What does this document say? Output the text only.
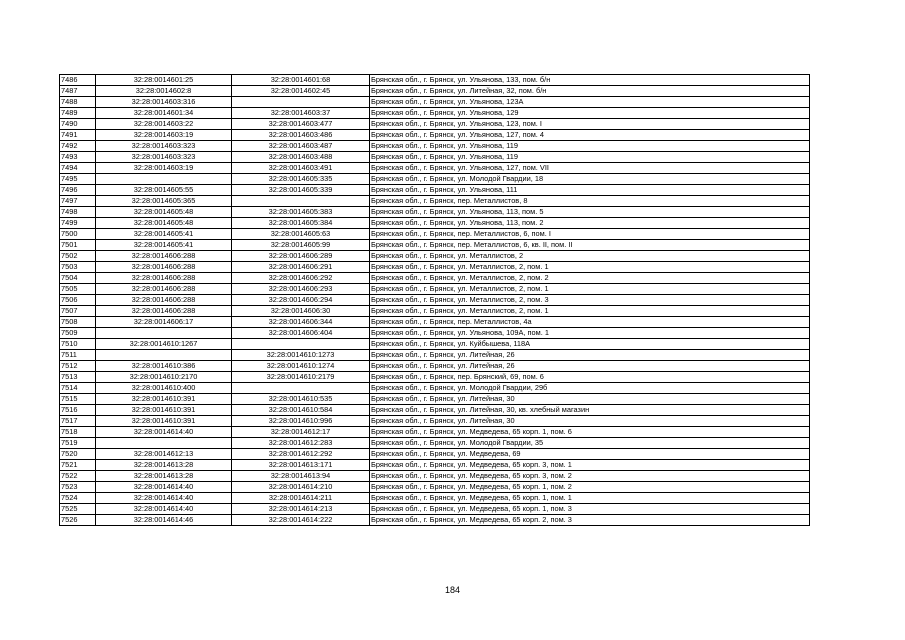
7486	32:28:0014601:25	32:28:0014601:68	Брянская обл., г. Брянск, ул. Ульянова, 133, пом. б/н
7487	32:28:0014602:8	32:28:0014602:45	Брянская обл., г. Брянск, ул. Литейная, 32, пом. б/н
7488	32:28:0014603:316		Брянская обл., г. Брянск, ул. Ульянова, 123А
7489	32:28:0014601:34	32:28:0014603:37	Брянская обл., г. Брянск, ул. Ульянова, 129
7490	32:28:0014603:22	32:28:0014603:477	Брянская обл., г. Брянск, ул. Ульянова, 123, пом. I
7491	32:28:0014603:19	32:28:0014603:486	Брянская обл., г. Брянск, ул. Ульянова, 127, пом. 4
7492	32:28:0014603:323	32:28:0014603:487	Брянская обл., г. Брянск, ул. Ульянова, 119
7493	32:28:0014603:323	32:28:0014603:488	Брянская обл., г. Брянск, ул. Ульянова, 119
7494	32:28:0014603:19	32:28:0014603:491	Брянская обл., г. Брянск, ул. Ульянова, 127, пом. VII
7495		32:28:0014605:335	Брянская обл., г. Брянск, ул. Молодой Гвардии, 18
7496	32:28:0014605:55	32:28:0014605:339	Брянская обл., г. Брянск, ул. Ульянова, 111
7497	32:28:0014605:365		Брянская обл., г. Брянск, пер. Металлистов, 8
7498	32:28:0014605:48	32:28:0014605:383	Брянская обл., г. Брянск, ул. Ульянова, 113, пом. 5
7499	32:28:0014605:48	32:28:0014605:384	Брянская обл., г. Брянск, ул. Ульянова, 113, пом. 2
7500	32:28:0014605:41	32:28:0014605:63	Брянская обл., г. Брянск, пер. Металлистов, 6, пом. I
7501	32:28:0014605:41	32:28:0014605:99	Брянская обл., г. Брянск, пер. Металлистов, 6, кв. II, пом. II
7502	32:28:0014606:288	32:28:0014606:289	Брянская обл., г. Брянск, ул. Металлистов, 2
7503	32:28:0014606:288	32:28:0014606:291	Брянская обл., г. Брянск, ул. Металлистов, 2, пом. 1
7504	32:28:0014606:288	32:28:0014606:292	Брянская обл., г. Брянск, ул. Металлистов, 2, пом. 2
7505	32:28:0014606:288	32:28:0014606:293	Брянская обл., г. Брянск, ул. Металлистов, 2, пом. 1
7506	32:28:0014606:288	32:28:0014606:294	Брянская обл., г. Брянск, ул. Металлистов, 2, пом. 3
7507	32:28:0014606:288	32:28:0014606:30	Брянская обл., г. Брянск, ул. Металлистов, 2, пом. 1
7508	32:28:0014606:17	32:28:0014606:344	Брянская обл., г. Брянск, пер. Металлистов, 4а
7509		32:28:0014606:404	Брянская обл., г. Брянск, ул. Ульянова, 109А, пом. 1
7510	32:28:0014610:1267		Брянская обл., г. Брянск, ул. Куйбышева, 118А
7511		32:28:0014610:1273	Брянская обл., г. Брянск, ул. Литейная, 26
7512	32:28:0014610:386	32:28:0014610:1274	Брянская обл., г. Брянск, ул. Литейная, 26
7513	32:28:0014610:2170	32:28:0014610:2179	Брянская обл., г. Брянск, пер. Брянский, 69, пом. 6
7514	32:28:0014610:400		Брянская обл., г. Брянск, ул. Молодой Гвардии, 29б
7515	32:28:0014610:391	32:28:0014610:535	Брянская обл., г. Брянск, ул. Литейная, 30
7516	32:28:0014610:391	32:28:0014610:584	Брянская обл., г. Брянск, ул. Литейная, 30, кв. хлебный магазин
7517	32:28:0014610:391	32:28:0014610:996	Брянская обл., г. Брянск, ул. Литейная, 30
7518	32:28:0014614:40	32:28:0014612:17	Брянская обл., г. Брянск, ул. Медведева, 65 корп. 1, пом. 6
7519		32:28:0014612:283	Брянская обл., г. Брянск, ул. Молодой Гвардии, 35
7520	32:28:0014612:13	32:28:0014612:292	Брянская обл., г. Брянск, ул. Медведева, 69
7521	32:28:0014613:28	32:28:0014613:171	Брянская обл., г. Брянск, ул. Медведева, 65 корп. 3, пом. 1
7522	32:28:0014613:28	32:28:0014613:94	Брянская обл., г. Брянск, ул. Медведева, 65 корп. 3, пом. 2
7523	32:28:0014614:40	32:28:0014614:210	Брянская обл., г. Брянск, ул. Медведева, 65 корп. 1, пом. 2
7524	32:28:0014614:40	32:28:0014614:211	Брянская обл., г. Брянск, ул. Медведева, 65 корп. 1, пом. 1
7525	32:28:0014614:40	32:28:0014614:213	Брянская обл., г. Брянск, ул. Медведева, 65 корп. 1, пом. 3
7526	32:28:0014614:46	32:28:0014614:222	Брянская обл., г. Брянск, ул. Медведева, 65 корп. 2, пом. 3
184
